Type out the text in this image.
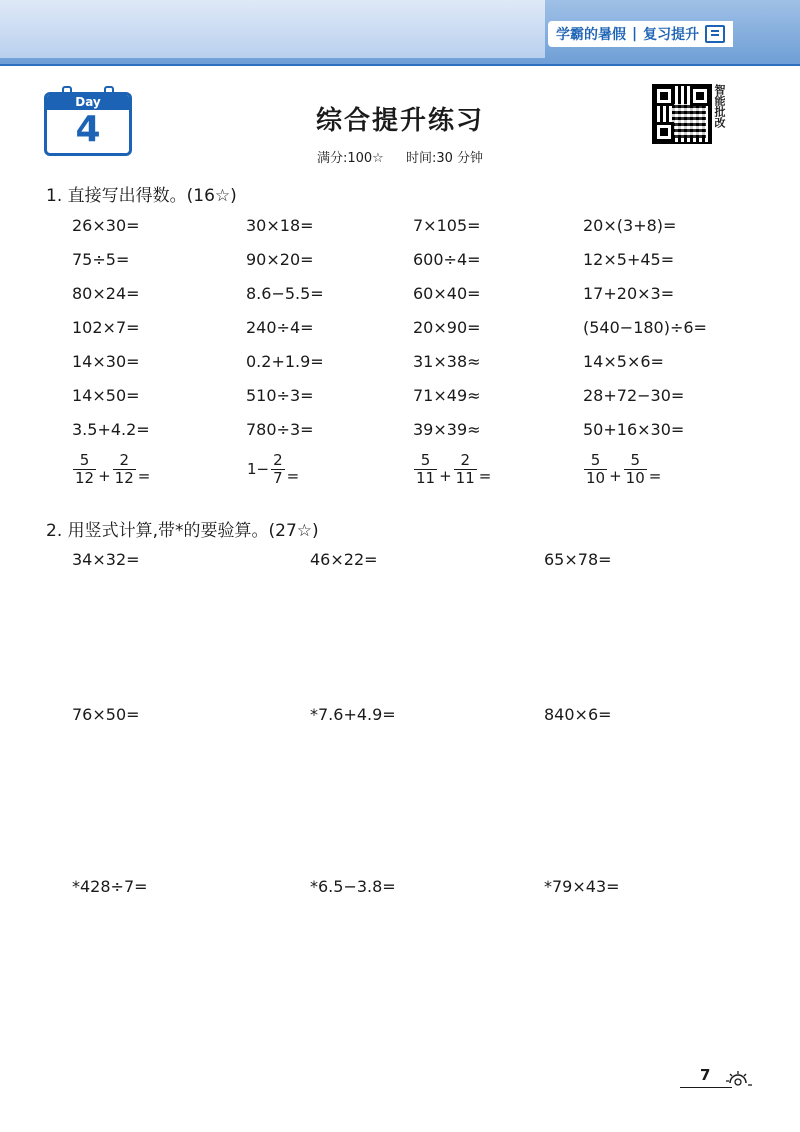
学霸的暑假 | 复习提升
Day
4	综合提升练习
满分:100☆ 时间:30 分钟
智能批改
1. 直接写出得数。(16☆)
26×30=	30×18=	7×105=	20×(3+8)=
75÷5=	90×20=	600÷4=	12×5+45=
80×24=	8.6−5.5=	60×40=	17+20×3=
102×7=	240÷4=	20×90=	(540−180)÷6=
14×30=	0.2+1.9=	31×38≈	14×5×6=
14×50=	510÷3=	71×49≈	28+72−30=
3.5+4.2=	780÷3=	39×39≈	50+16×30=
$\frac{5}{12} + \frac{2}{12}$ =	$1- \frac{2}{7}$ =	$\frac{5}{11} + \frac{2}{11}$ =	$\frac{5}{10} + \frac{5}{10}$ =
2. 用竖式计算,带*的要验算。(27☆)
34×32=	46×22=	65×78=
76×50=	*7.6+4.9=	840×6=
*428÷7=	*6.5−3.8=	*79×43=
7
